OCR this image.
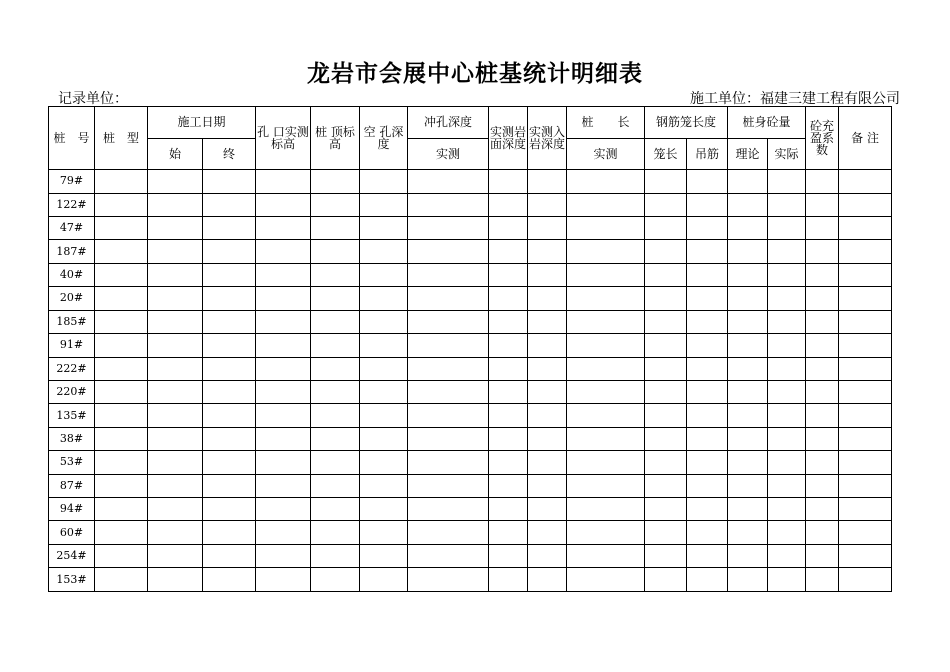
龙岩市会展中心桩基统计明细表
记录单位：	施工单位：福建三建工程有限公司
桩　号	桩　型	施工日期		孔 口实测标高	桩 顶标 高	空 孔深度	冲孔深度	实测岩面深度	实测入岩深度	桩　　长	钢筋笼长度		桩身砼量		砼充盈系数	备 注
		始	终				实测			实测	笼长	吊筋	理论	实际		
79#																
122#																
47#																
187#																
40#																
20#																
185#																
91#																
222#																
220#																
135#																
38#																
53#																
87#																
94#																
60#																
254#																
153#																
